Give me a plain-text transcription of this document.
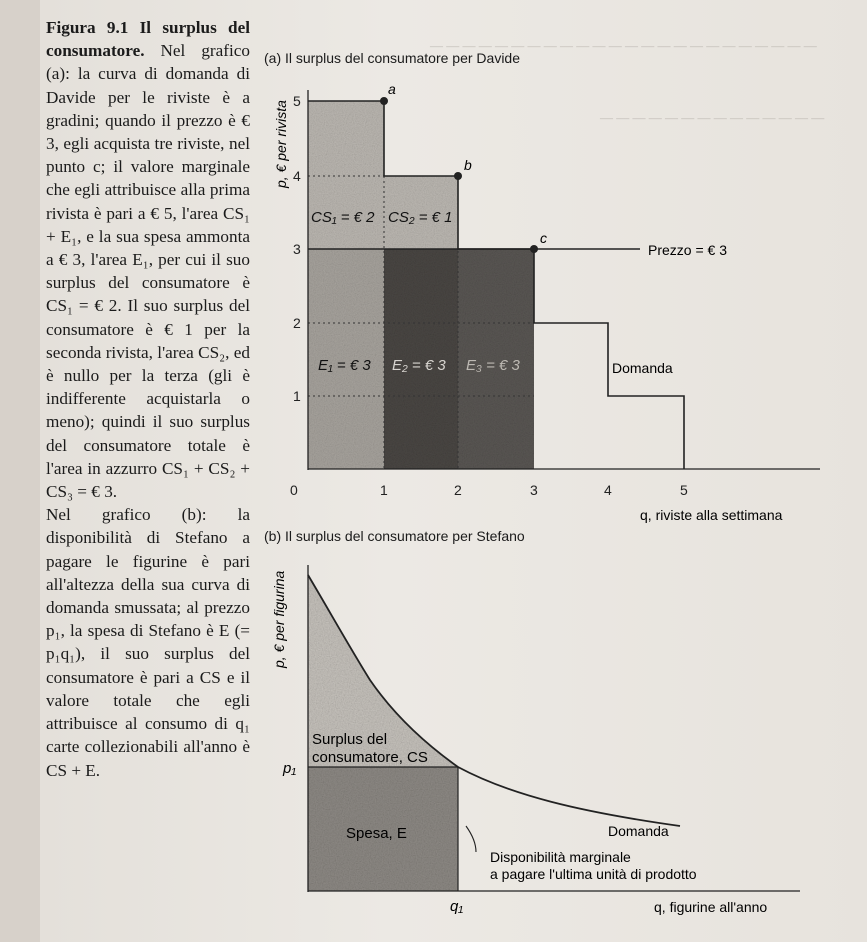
— — — — — — — — — — — — — — — — — — — — — — — —
— — — — — — — — — — — — — —

Figura 9.1 Il surplus del consumatore. Nel grafico (a): la curva di domanda di Davide per le riviste è a gradini; quando il prezzo è € 3, egli acquista tre riviste, nel punto c; il valore marginale che egli attribuisce alla prima rivista è pari a € 5, l'area CS₁ + E₁, e la sua spesa ammonta a € 3, l'area E₁, per cui il suo surplus del consumatore è CS₁ = € 2. Il suo surplus del consumatore è € 1 per la seconda rivista, l'area CS₂, ed è nullo per la terza (gli è indifferente acquistarla o meno); quindi il suo surplus del consumatore totale è l'area in azzurro CS₁ + CS₂ + CS₃ = € 3.

Nel grafico (b): la disponibilità di Stefano a pagare le figurine è pari all'altezza della sua curva di domanda smussata; al prezzo p₁, la spesa di Stefano è E (= p₁q₁), il suo surplus del consumatore è pari a CS e il valore totale che egli attribuisce al consumo di q₁ carte collezionabili all'anno è CS + E.

(a) Il surplus del consumatore per Davide
(b) Il surplus del consumatore per Stefano
a
b
c
5
4
3
2
1
0	1	2	3	4	5
p, € per rivista
q, riviste alla settimana
CS₁ = € 2 CS₂ = € 1
E₁ = € 3 E₂ = € 3 E₃ = € 3
Prezzo = € 3
Domanda
p, € per figurina
p₁
q₁	q, figurine all'anno
Surplus del
consumatore, CS
Spesa, E	Domanda
Disponibilità marginale
a pagare l'ultima unità di prodotto
